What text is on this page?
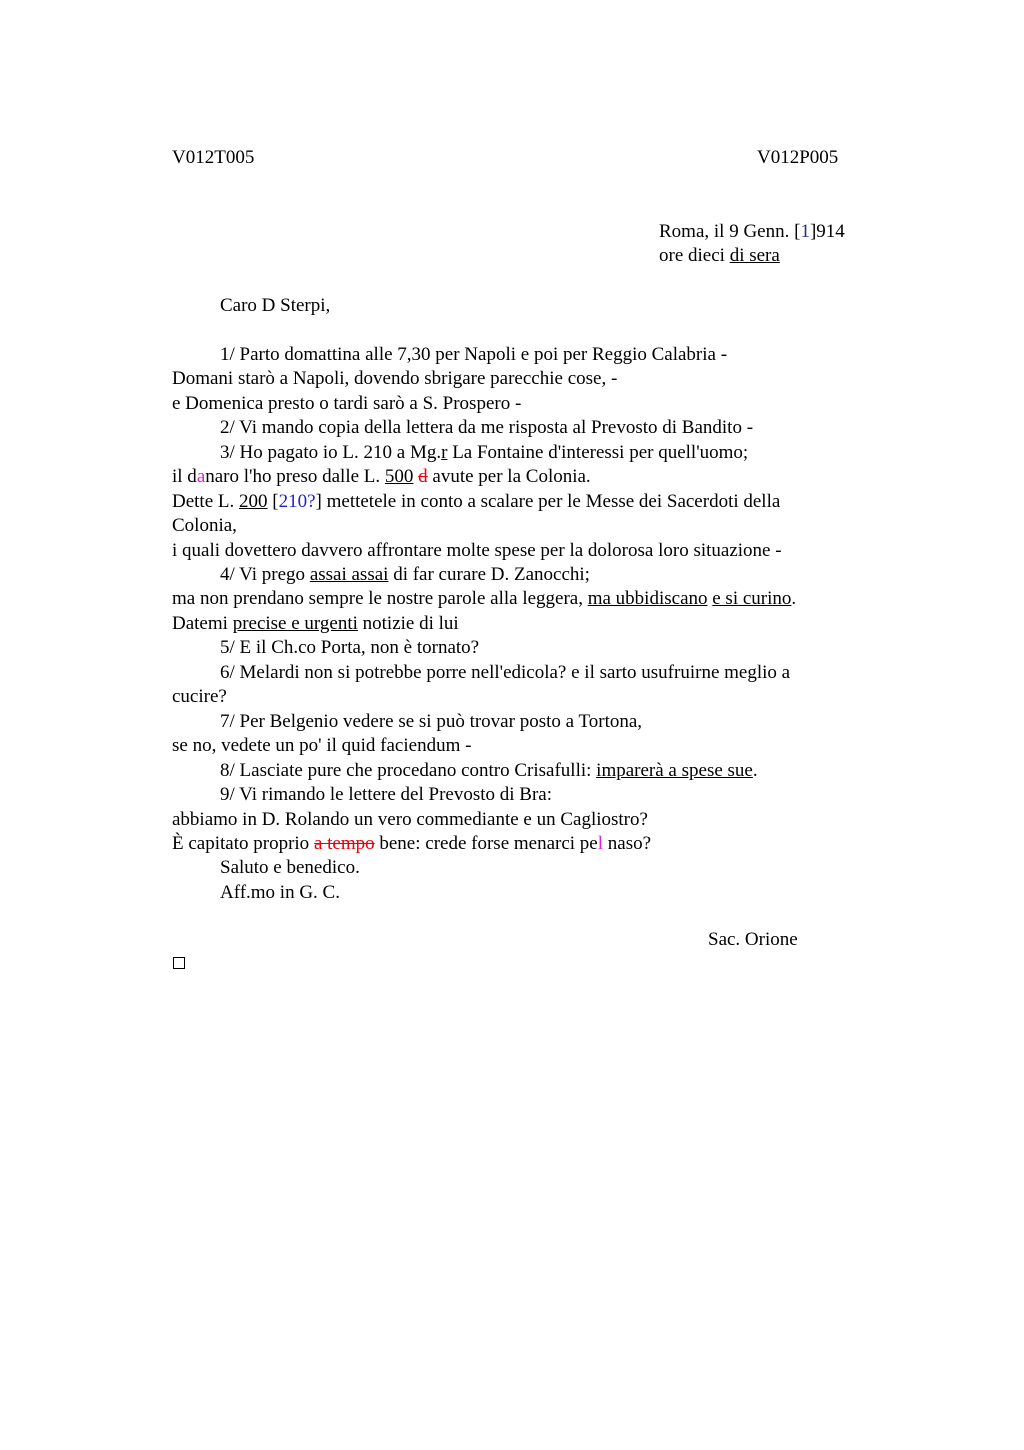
V012T005	V012P005
Roma, il 9 Genn. [1]914
ore dieci di sera
Caro D Sterpi,
1/ Parto domattina alle 7,30 per Napoli e poi per Reggio Calabria -
Domani starò a Napoli, dovendo sbrigare parecchie cose, -
e Domenica presto o tardi sarò a S. Prospero -
2/ Vi mando copia della lettera da me risposta al Prevosto di Bandito -
3/ Ho pagato io L. 210 a Mg.r La Fontaine d'interessi per quell'uomo;
il danaro l'ho preso dalle L. 500 d avute per la Colonia.
Dette L. 200 [210?] mettetele in conto a scalare per le Messe dei Sacerdoti della
Colonia,
i quali dovettero davvero affrontare molte spese per la dolorosa loro situazione -
4/ Vi prego assai assai di far curare D. Zanocchi;
ma non prendano sempre le nostre parole alla leggera, ma ubbidiscano e si curino.
Datemi precise e urgenti notizie di lui
5/ E il Ch.co Porta, non è tornato?
6/ Melardi non si potrebbe porre nell'edicola? e il sarto usufruirne meglio a
cucire?
7/ Per Belgenio vedere se si può trovar posto a Tortona,
se no, vedete un po' il quid faciendum -
8/ Lasciate pure che procedano contro Crisafulli: imparerà a spese sue.
9/ Vi rimando le lettere del Prevosto di Bra:
abbiamo in D. Rolando un vero commediante e un Cagliostro?
È capitato proprio a tempo bene: crede forse menarci pel naso?
Saluto e benedico.
Aff.mo in G. C.
Sac. Orione
